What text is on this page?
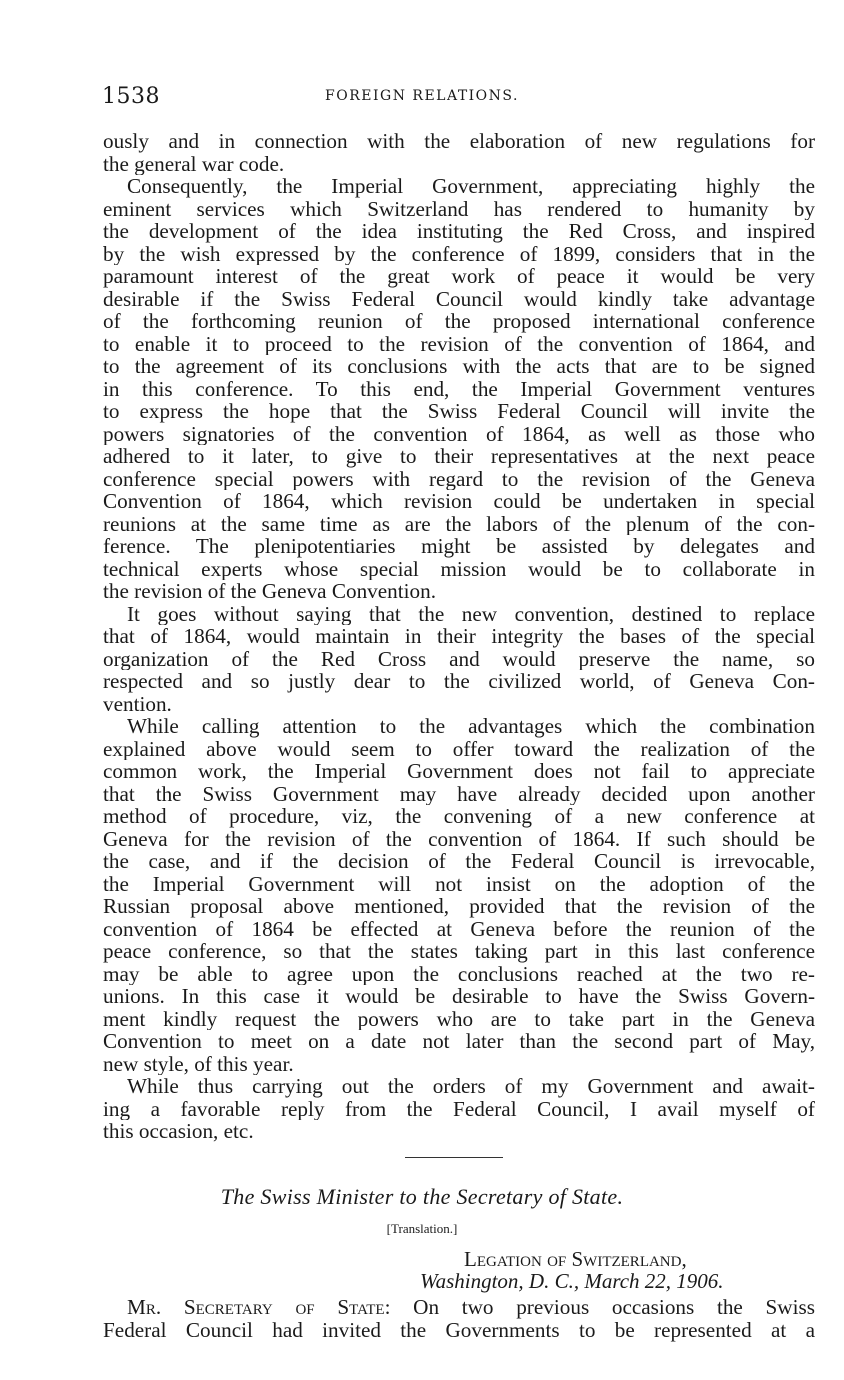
1538	FOREIGN RELATIONS.
ously and in connection with the elaboration of new regulations for
the general war code.
Consequently, the Imperial Government, appreciating highly the
eminent services which Switzerland has rendered to humanity by
the development of the idea instituting the Red Cross, and inspired
by the wish expressed by the conference of 1899, considers that in the
paramount interest of the great work of peace it would be very
desirable if the Swiss Federal Council would kindly take advantage
of the forthcoming reunion of the proposed international conference
to enable it to proceed to the revision of the convention of 1864, and
to the agreement of its conclusions with the acts that are to be signed
in this conference. To this end, the Imperial Government ventures
to express the hope that the Swiss Federal Council will invite the
powers signatories of the convention of 1864, as well as those who
adhered to it later, to give to their representatives at the next peace
conference special powers with regard to the revision of the Geneva
Convention of 1864, which revision could be undertaken in special
reunions at the same time as are the labors of the plenum of the con-
ference. The plenipotentiaries might be assisted by delegates and
technical experts whose special mission would be to collaborate in
the revision of the Geneva Convention.
It goes without saying that the new convention, destined to replace
that of 1864, would maintain in their integrity the bases of the special
organization of the Red Cross and would preserve the name, so
respected and so justly dear to the civilized world, of Geneva Con-
vention.
While calling attention to the advantages which the combination
explained above would seem to offer toward the realization of the
common work, the Imperial Government does not fail to appreciate
that the Swiss Government may have already decided upon another
method of procedure, viz, the convening of a new conference at
Geneva for the revision of the convention of 1864. If such should be
the case, and if the decision of the Federal Council is irrevocable,
the Imperial Government will not insist on the adoption of the
Russian proposal above mentioned, provided that the revision of the
convention of 1864 be effected at Geneva before the reunion of the
peace conference, so that the states taking part in this last conference
may be able to agree upon the conclusions reached at the two re-
unions. In this case it would be desirable to have the Swiss Govern-
ment kindly request the powers who are to take part in the Geneva
Convention to meet on a date not later than the second part of May,
new style, of this year.
While thus carrying out the orders of my Government and await-
ing a favorable reply from the Federal Council, I avail myself of
this occasion, etc.
The Swiss Minister to the Secretary of State.
[Translation.]
Legation of Switzerland,
Washington, D. C., March 22, 1906.
Mr. Secretary of State: On two previous occasions the Swiss
Federal Council had invited the Governments to be represented at a
